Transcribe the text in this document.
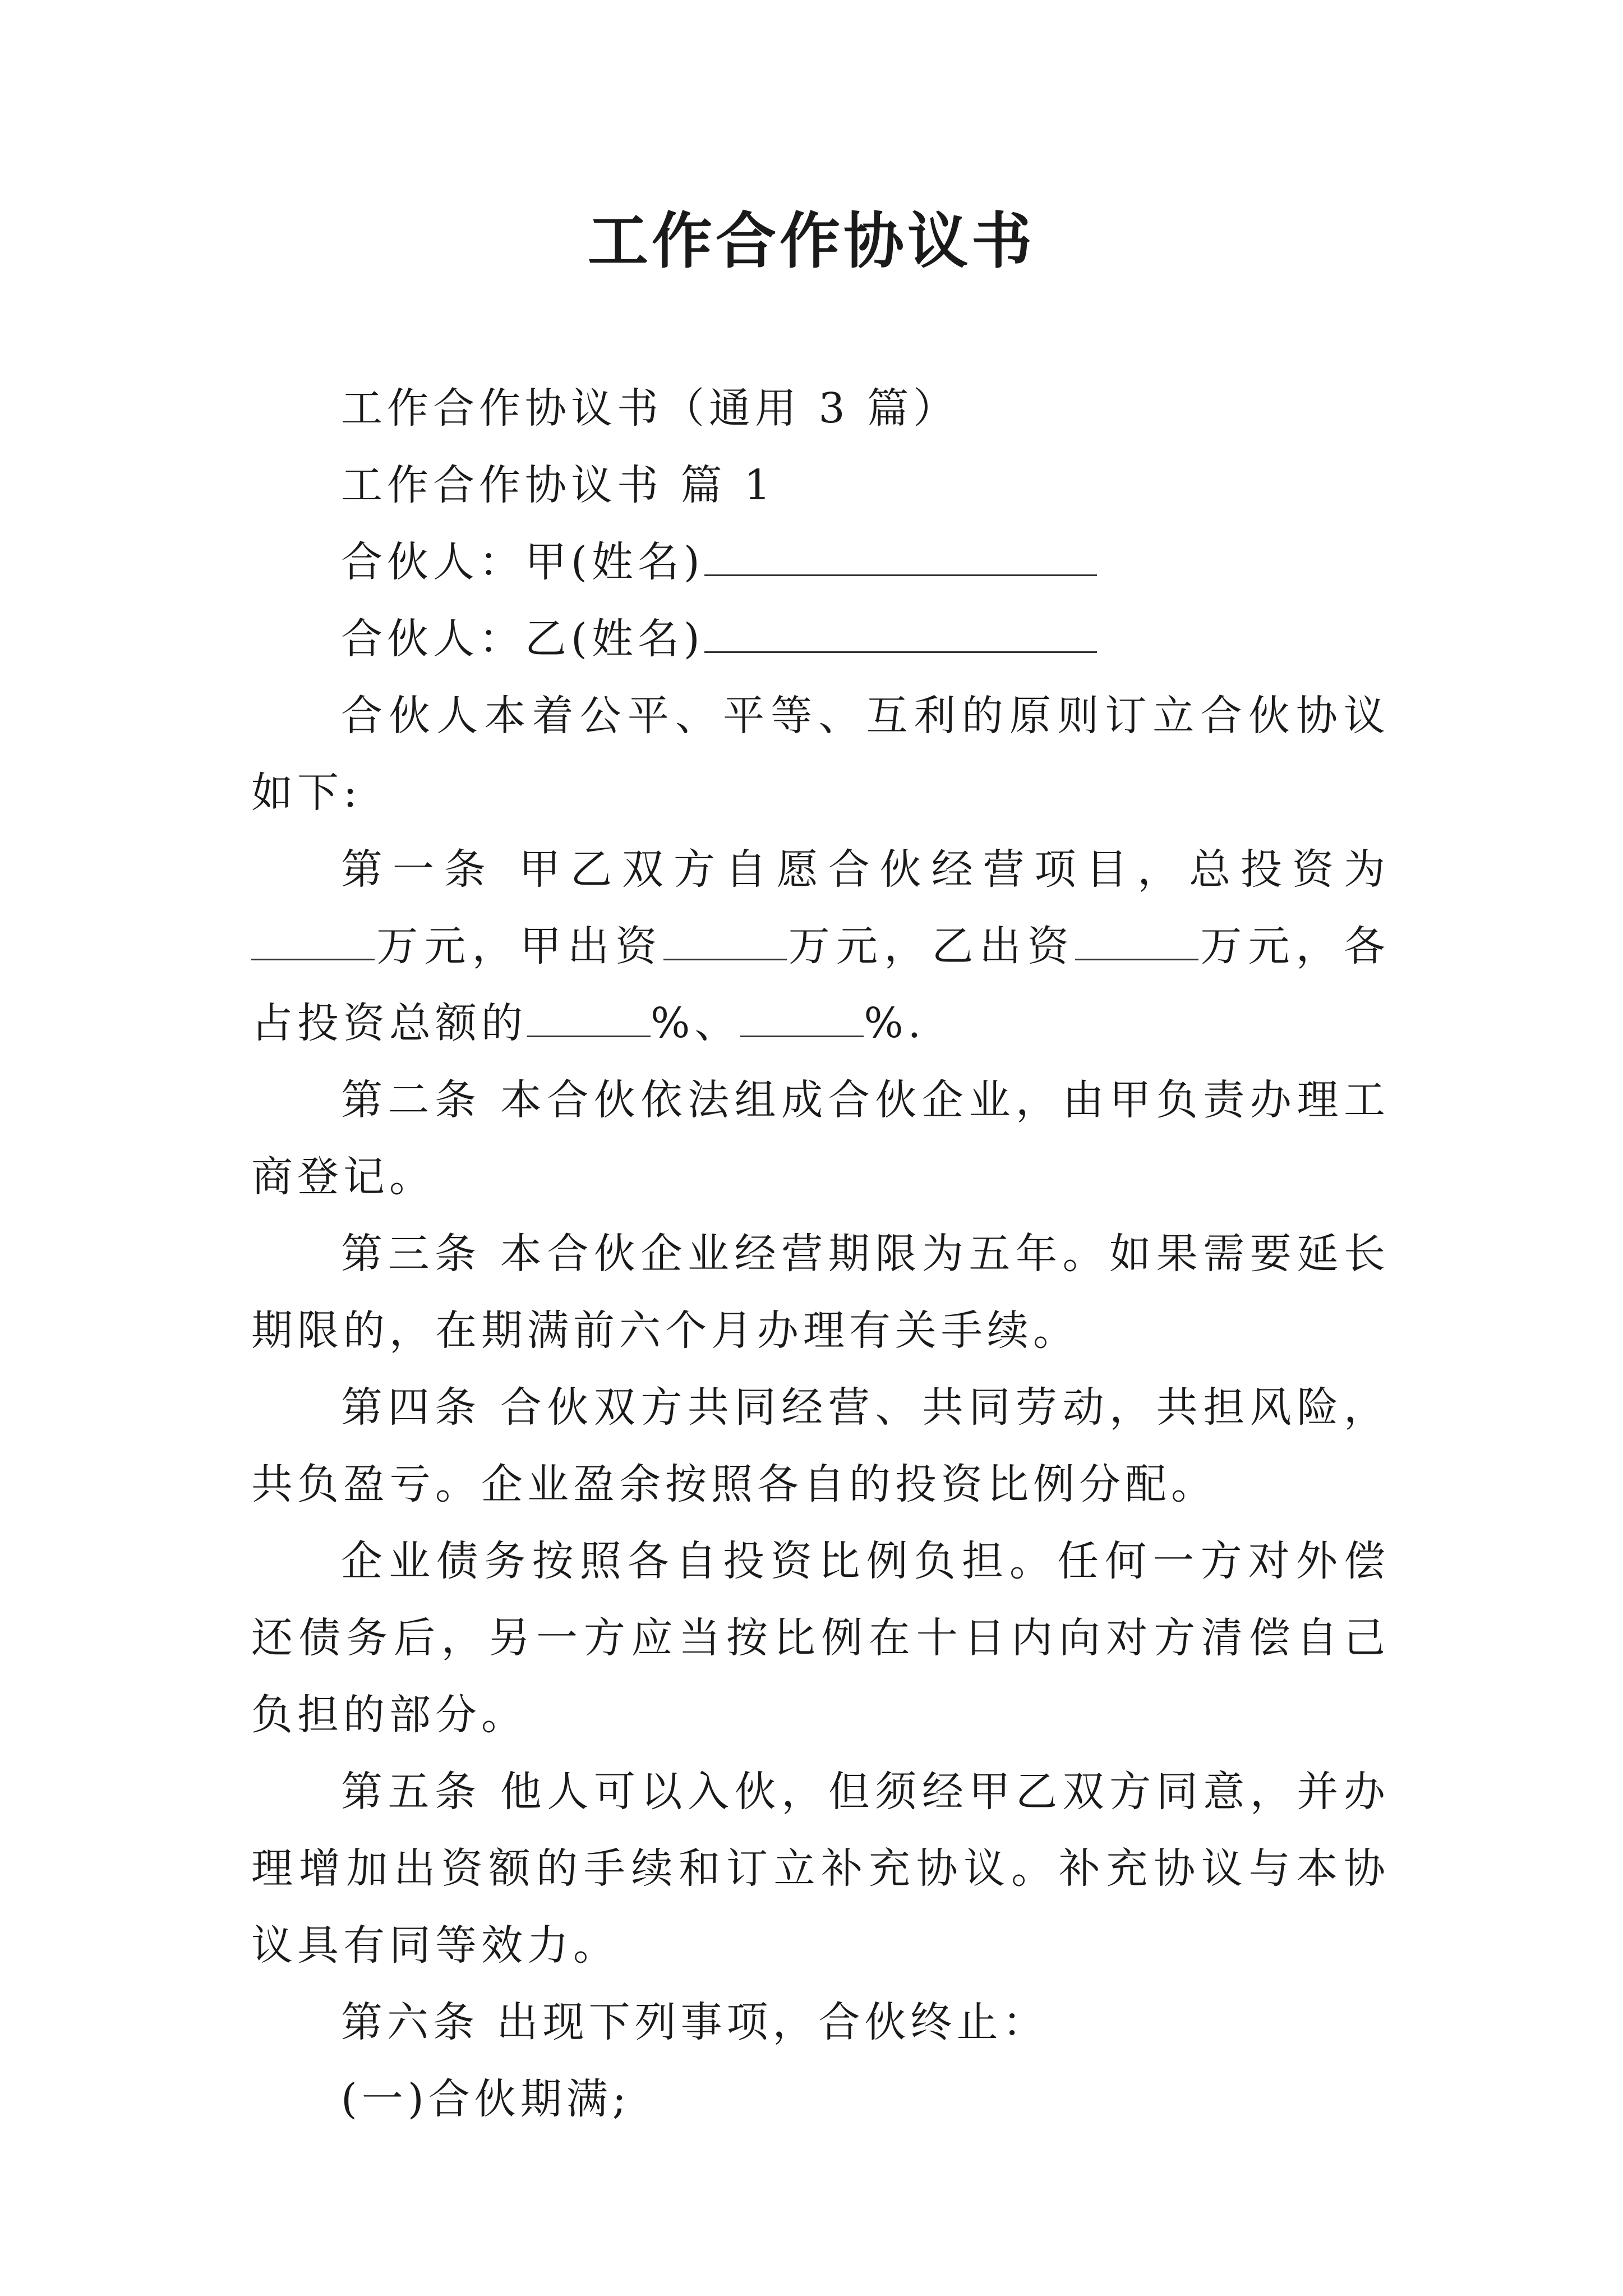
工作合作协议书

工作合作协议书（通用 3 篇）

工作合作协议书 篇 1

合伙人：甲(姓名)

合伙人：乙(姓名)

合伙人本着公平、平等、互利的原则订立合伙协议如下:

第一条 甲乙双方自愿合伙经营项目，总投资为万元，甲出资	万元，乙出资	万元，各占投资总额的	%、	%.

第二条 本合伙依法组成合伙企业，由甲负责办理工商登记。

第三条 本合伙企业经营期限为五年。如果需要延长期限的，在期满前六个月办理有关手续。

第四条 合伙双方共同经营、共同劳动，共担风险，共负盈亏。企业盈余按照各自的投资比例分配。

企业债务按照各自投资比例负担。任何一方对外偿还债务后，另一方应当按比例在十日内向对方清偿自己负担的部分。

第五条 他人可以入伙，但须经甲乙双方同意，并办理增加出资额的手续和订立补充协议。补充协议与本协议具有同等效力。

第六条 出现下列事项，合伙终止：

(一)合伙期满;
